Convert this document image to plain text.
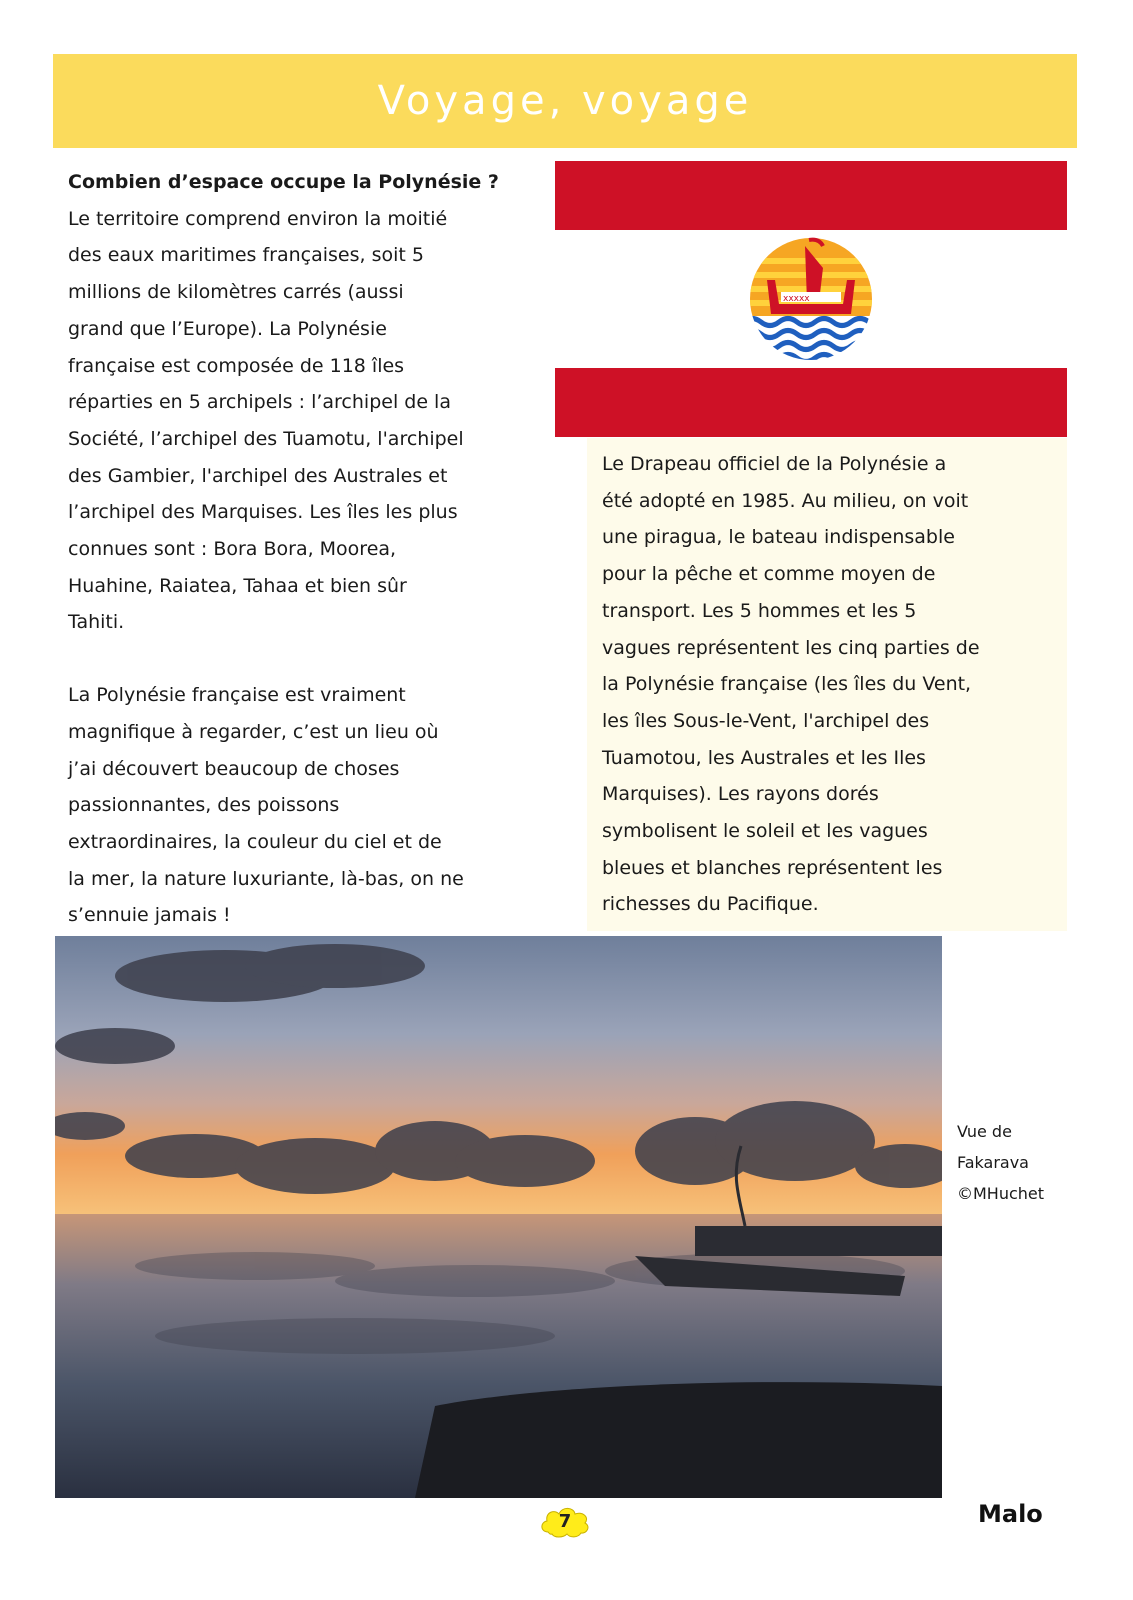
Voyage, voyage

Combien d’espace occupe la Polynésie ?

Le territoire comprend environ la moitié

des eaux maritimes françaises, soit 5

millions de kilomètres carrés (aussi

grand que l’Europe). La Polynésie

française est composée de 118 îles

réparties en 5 archipels : l’archipel de la

Société, l’archipel des Tuamotu, l'archipel

des Gambier, l'archipel des Australes et

l’archipel des Marquises. Les îles les plus

connues sont : Bora Bora, Moorea,

Huahine, Raiatea, Tahaa et bien sûr

Tahiti.

La Polynésie française est vraiment

magnifique à regarder, c’est un lieu où

j’ai découvert beaucoup de choses

passionnantes, des poissons

extraordinaires, la couleur du ciel et de

la mer, la nature luxuriante, là-bas, on ne

s’ennuie jamais !

xxxxx

Le Drapeau officiel de la Polynésie a

été adopté en 1985. Au milieu, on voit

une piragua, le bateau indispensable

pour la pêche et comme moyen de

transport. Les 5 hommes et les 5

vagues représentent les cinq parties de

la Polynésie française (les îles du Vent,

les îles Sous-le-Vent, l'archipel des

Tuamotou, les Australes et les Iles

Marquises). Les rayons dorés

symbolisent le soleil et les vagues

bleues et blanches représentent les

richesses du Pacifique.

Vue de
Fakarava
©MHuchet
7	Malo
